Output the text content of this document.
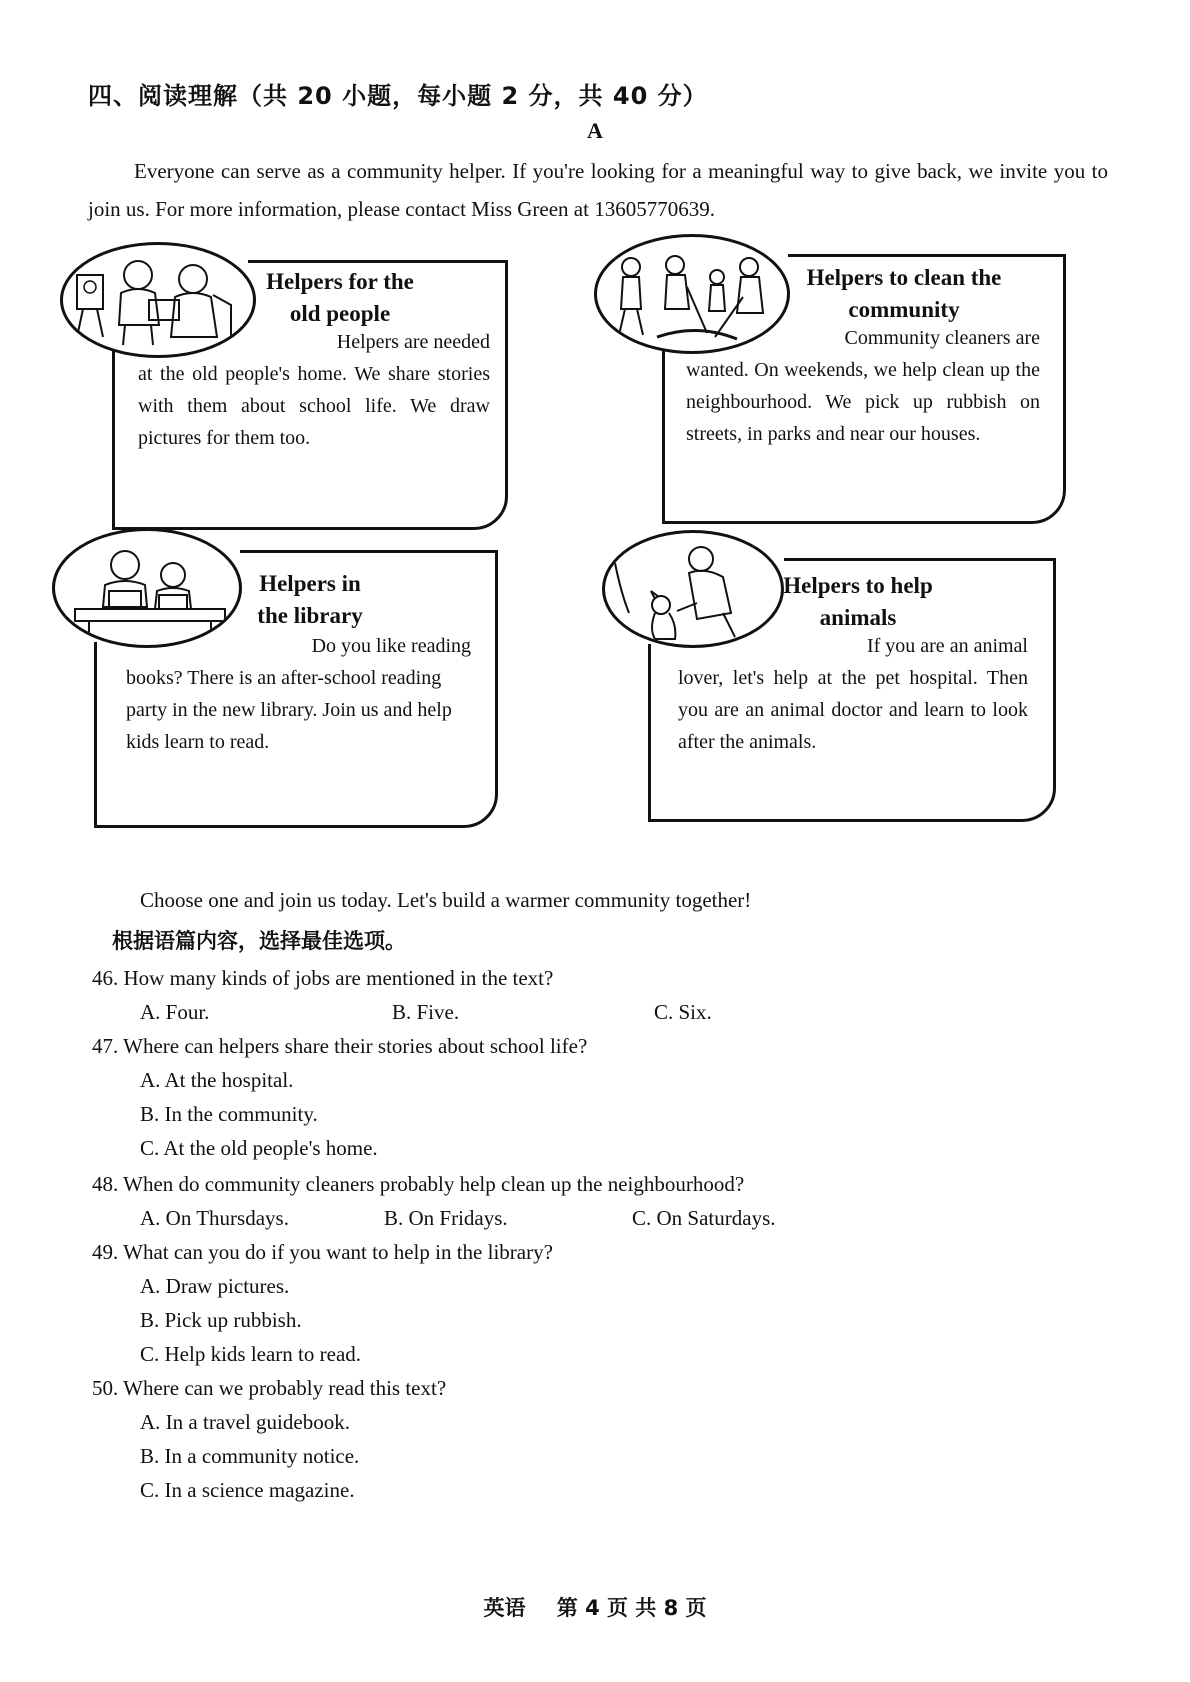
四、阅读理解（共 20 小题，每小题 2 分，共 40 分）
A
Everyone can serve as a community helper. If you're looking for a meaningful way to give back, we invite you to join us. For more information, please contact Miss Green at 13605770639.
Helpers for the
old people
Helpers are needed
at the old people's home. We share stories with them about school life. We draw pictures for them too.
Helpers to clean the
community
Community cleaners are
wanted. On weekends, we help clean up the neighbourhood. We pick up rubbish on streets, in parks and near our houses.
Helpers in
the library
Do you like reading
books? There is an after-school reading party in the new library. Join us and help kids learn to read.
Helpers to help
animals
If you are an animal
lover, let's help at the pet hospital. Then you are an animal doctor and learn to look after the animals.
Choose one and join us today. Let's build a warmer community together!
根据语篇内容，选择最佳选项。
46. How many kinds of jobs are mentioned in the text?
A. Four.	B. Five.	C. Six.
47. Where can helpers share their stories about school life?
A. At the hospital.
B. In the community.
C. At the old people's home.
48. When do community cleaners probably help clean up the neighbourhood?
A. On Thursdays.	B. On Fridays.	C. On Saturdays.
49. What can you do if you want to help in the library?
A. Draw pictures.
B. Pick up rubbish.
C. Help kids learn to read.
50. Where can we probably read this text?
A. In a travel guidebook.
B. In a community notice.
C. In a science magazine.
英语 第 4 页 共 8 页
